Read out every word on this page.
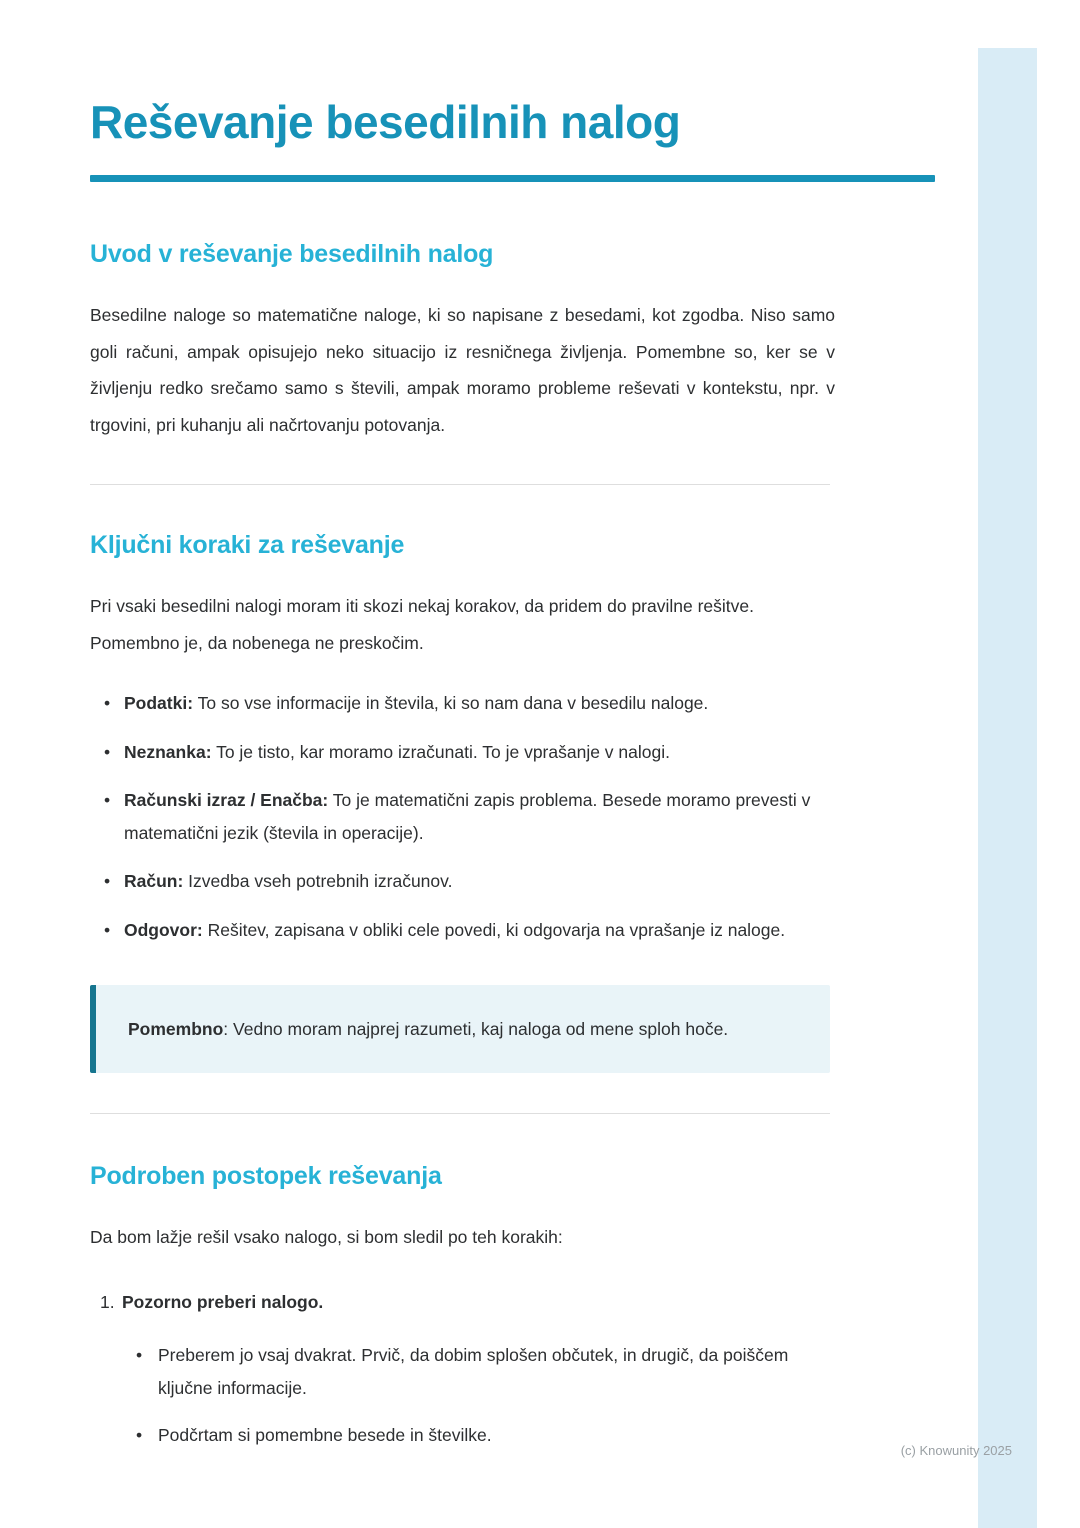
Reševanje besedilnih nalog
Uvod v reševanje besedilnih nalog

Besedilne naloge so matematične naloge, ki so napisane z besedami, kot zgodba. Niso samo goli računi, ampak opisujejo neko situacijo iz resničnega življenja. Pomembne so, ker se v življenju redko srečamo samo s števili, ampak moramo probleme reševati v kontekstu, npr. v trgovini, pri kuhanju ali načrtovanju potovanja.

Ključni koraki za reševanje

Pri vsaki besedilni nalogi moram iti skozi nekaj korakov, da pridem do pravilne rešitve. Pomembno je, da nobenega ne preskočim.

• Podatki: To so vse informacije in števila, ki so nam dana v besedilu naloge.
• Neznanka: To je tisto, kar moramo izračunati. To je vprašanje v nalogi.
• Računski izraz / Enačba: To je matematični zapis problema. Besede moramo prevesti v matematični jezik (števila in operacije).
• Račun: Izvedba vseh potrebnih izračunov.
• Odgovor: Rešitev, zapisana v obliki cele povedi, ki odgovarja na vprašanje iz naloge.
Pomembno: Vedno moram najprej razumeti, kaj naloga od mene sploh hoče.
Podroben postopek reševanja

Da bom lažje rešil vsako nalogo, si bom sledil po teh korakih:

1. Pozorno preberi nalogo.
• Preberem jo vsaj dvakrat. Prvič, da dobim splošen občutek, in drugič, da poiščem ključne informacije.
• Podčrtam si pomembne besede in številke.
(c) Knowunity 2025
